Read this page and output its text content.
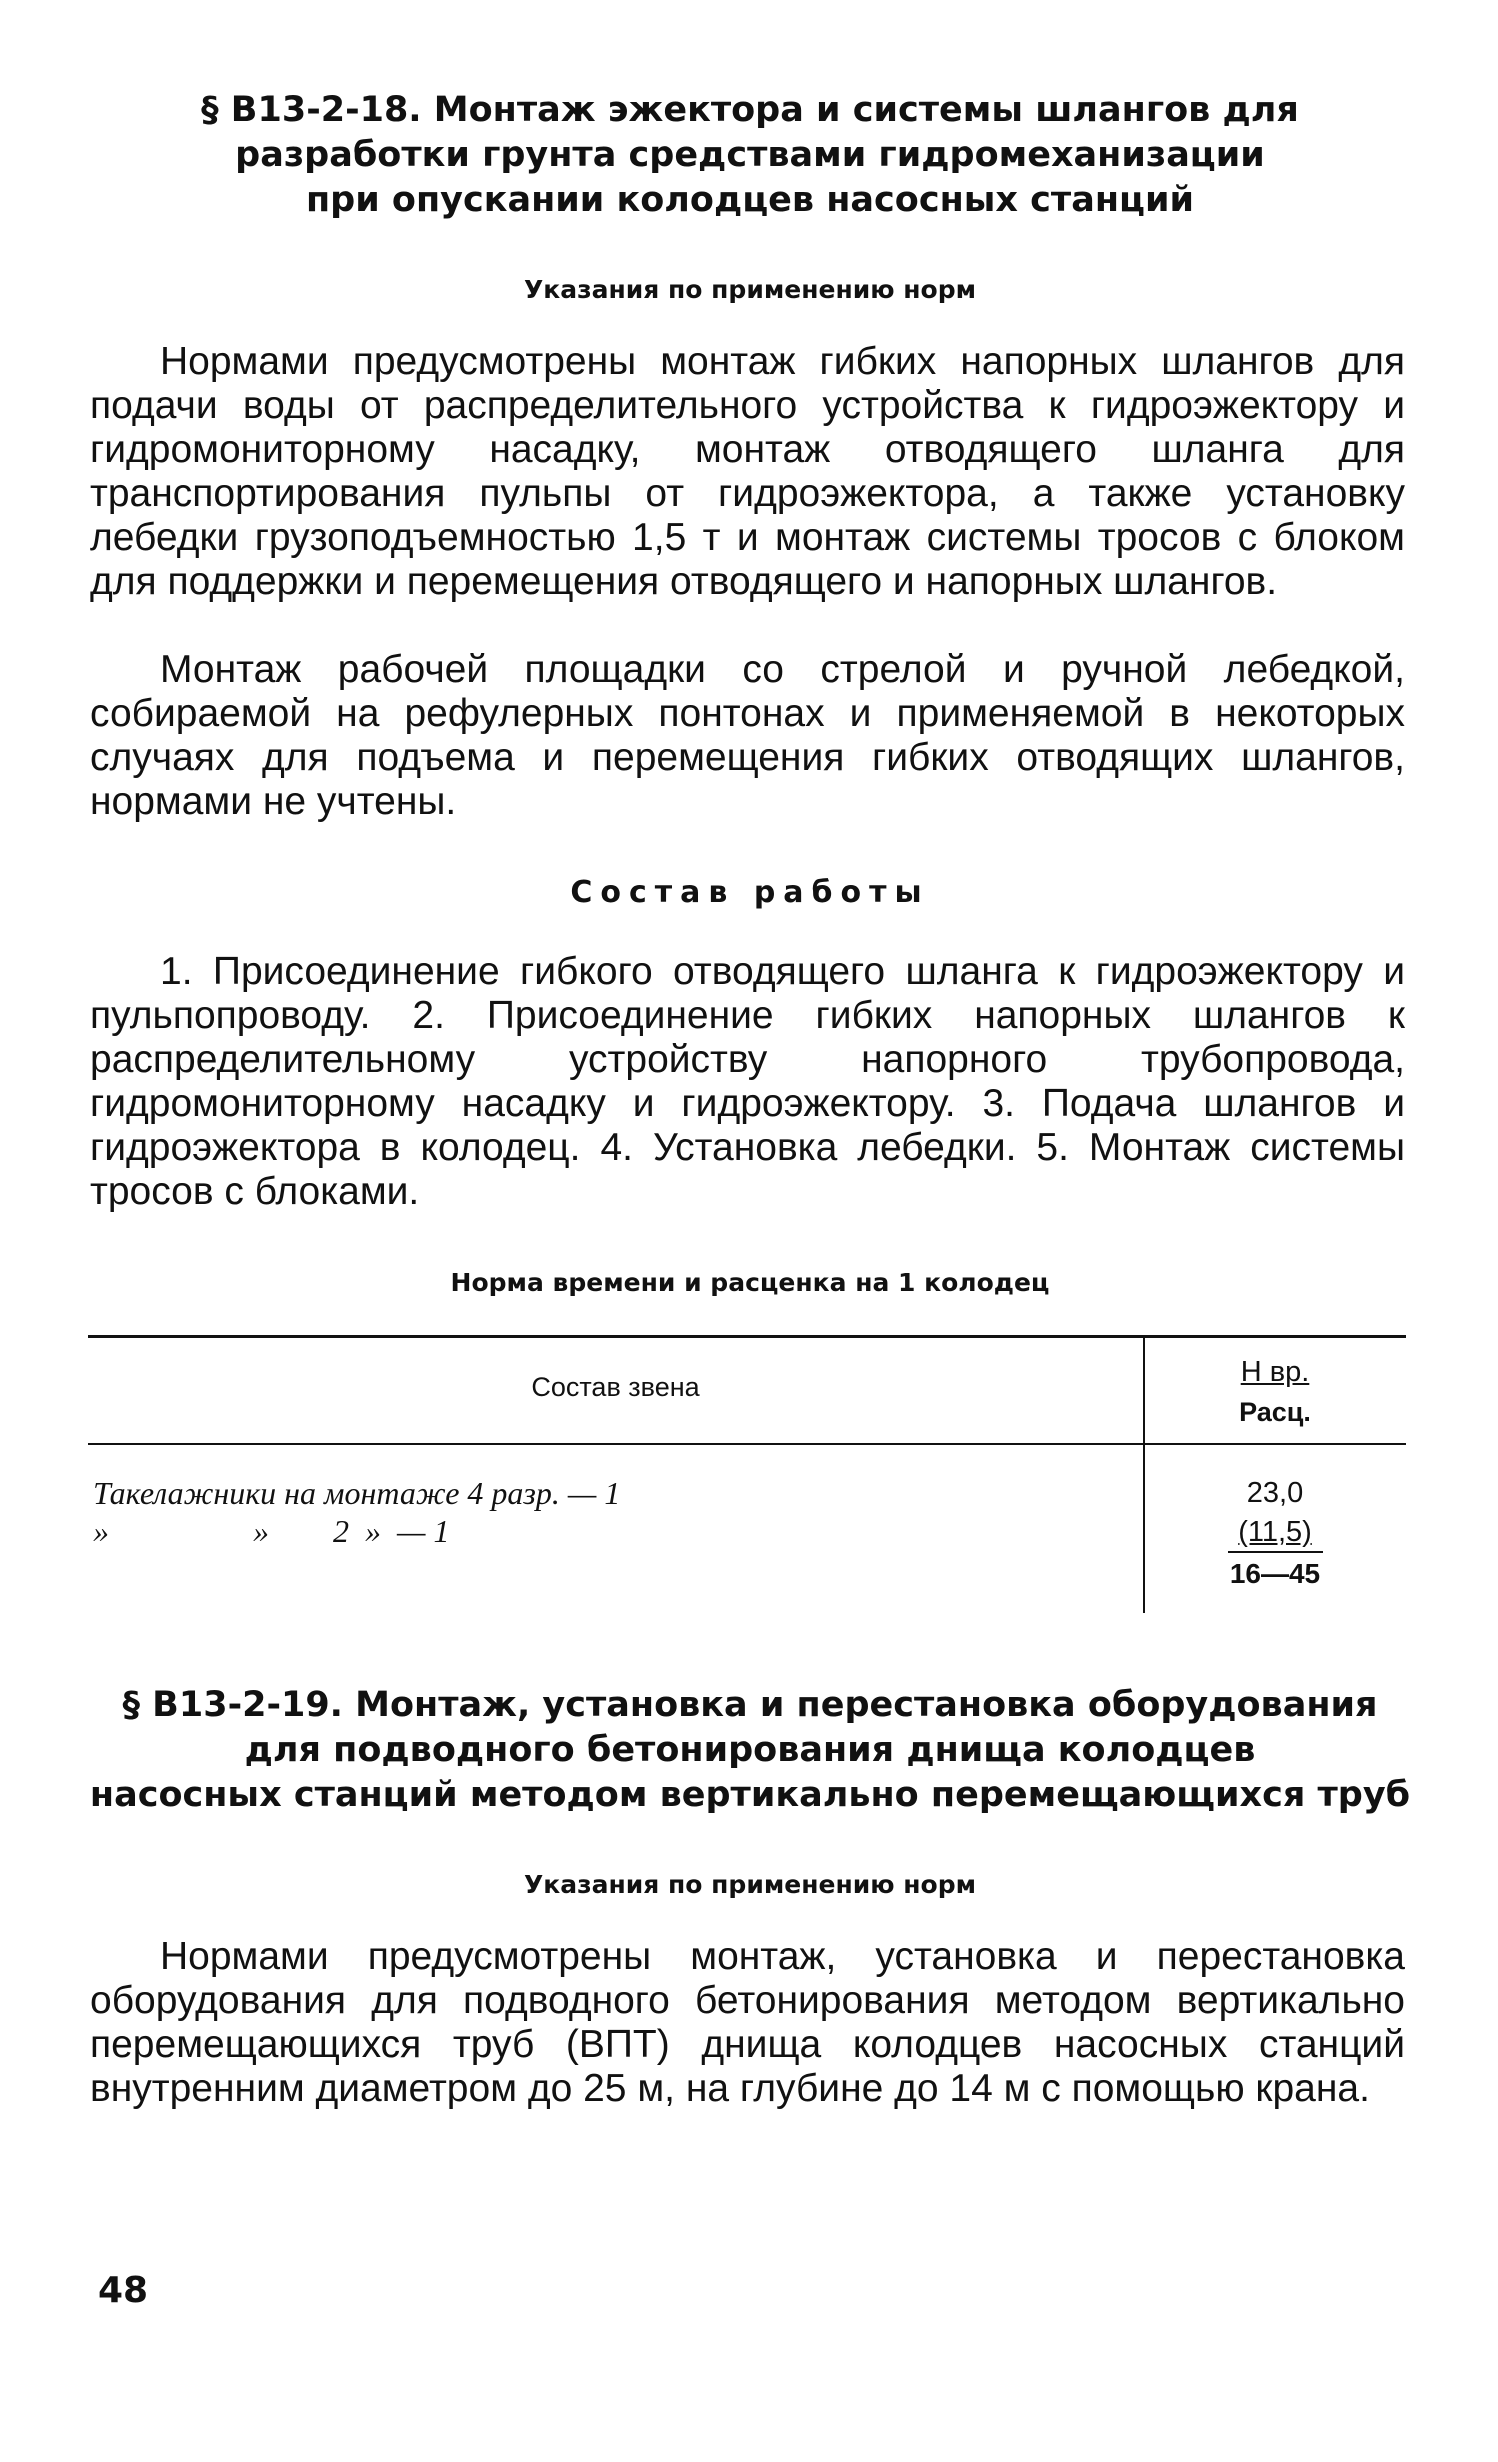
§ В13-2-18. Монтаж эжектора и системы шлангов для
разработки грунта средствами гидромеханизации
при опускании колодцев насосных станций
Указания по применению норм
Нормами предусмотрены монтаж гибких напорных шлангов для подачи воды от распределительного устройства к гидроэжектору и гидромониторному насадку, монтаж отводящего шланга для транспортирования пульпы от гидроэжектора, а также установку лебедки грузоподъемностью 1,5 т и монтаж системы тросов с блоком для поддержки и перемещения отводящего и напорных шлангов.
Монтаж рабочей площадки со стрелой и ручной лебедкой, собираемой на рефулерных понтонах и применяемой в некоторых случаях для подъема и перемещения гибких отводящих шлангов, нормами не учтены.
Состав работы
1. Присоединение гибкого отводящего шланга к гидроэжектору и пульпопроводу. 2. Присоединение гибких напорных шлангов к распределительному устройству напорного трубопровода, гидромониторному насадку и гидроэжектору. 3. Подача шлангов и гидроэжектора в колодец. 4. Установка лебедки. 5. Монтаж системы тросов с блоками.
Норма времени и расценка на 1 колодец
Состав звена	Н вр.
Расц.
Такелажники на монтаже 4 разр. — 1
»                  »        2  »  — 1
23,0
(11,5)
16—45
§ В13-2-19. Монтаж, установка и перестановка оборудования
для подводного бетонирования днища колодцев
насосных станций методом вертикально перемещающихся труб
Указания по применению норм
Нормами предусмотрены монтаж, установка и перестановка оборудования для подводного бетонирования методом вертикально перемещающихся труб (ВПТ) днища колодцев насосных станций внутренним диаметром до 25 м, на глубине до 14 м с помощью крана.
48
